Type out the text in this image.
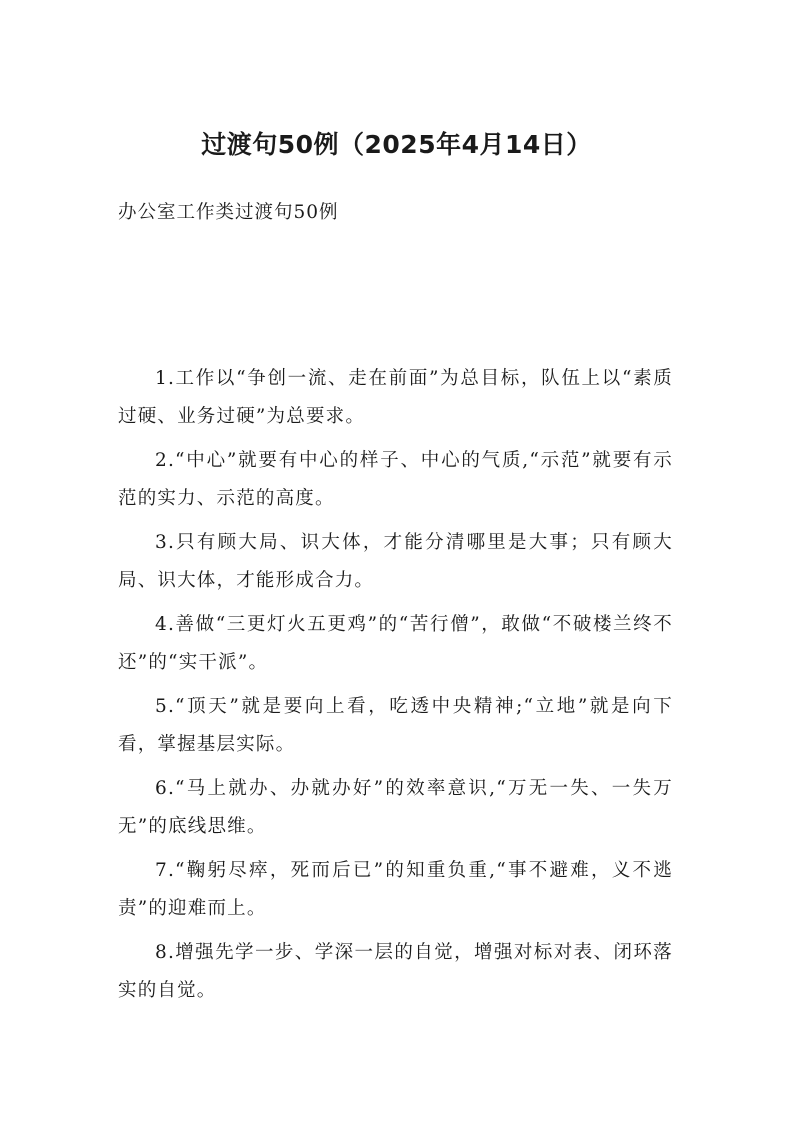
过渡句50例（2025年4月14日）

办公室工作类过渡句50例

1.工作以“争创一流、走在前面”为总目标，队伍上以“素质过硬、业务过硬”为总要求。
2.“中心”就要有中心的样子、中心的气质,“示范”就要有示范的实力、示范的高度。
3.只有顾大局、识大体，才能分清哪里是大事；只有顾大局、识大体，才能形成合力。
4.善做“三更灯火五更鸡”的“苦行僧”，敢做“不破楼兰终不还”的“实干派”。
5.“顶天”就是要向上看，吃透中央精神;“立地”就是向下看，掌握基层实际。
6.“马上就办、办就办好”的效率意识,“万无一失、一失万无”的底线思维。
7.“鞠躬尽瘁，死而后已”的知重负重,“事不避难，义不逃责”的迎难而上。
8.增强先学一步、学深一层的自觉，增强对标对表、闭环落实的自觉。
